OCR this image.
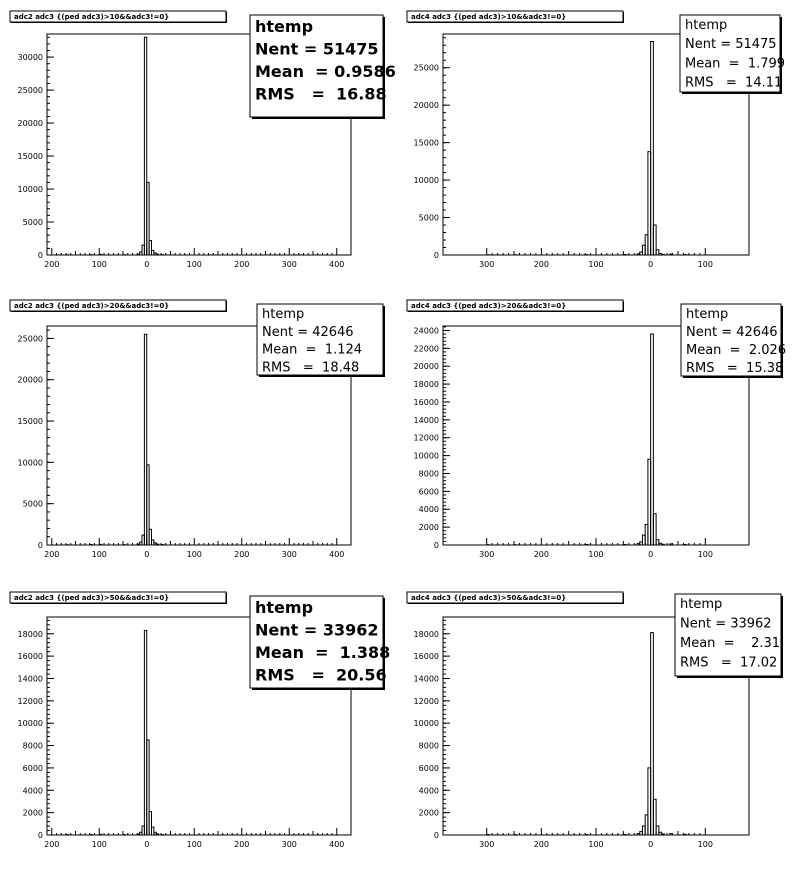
200	100	0	100	200	300	400
0
5000
10000
15000
20000
25000
30000
adc2 adc3 {(ped adc3)>10&&adc3!=0}	htemp
Nent = 51475
Mean  = 0.9586
RMS   =  16.88
300	200	100	0	100
0
5000
10000
15000
20000
25000
adc4 adc3 {(ped adc3)>10&&adc3!=0}
htemp
Nent = 51475
Mean  =  1.799
RMS   =  14.11
200	100	0	100	200	300	400
0
5000
10000
15000
20000
25000
adc2 adc3 {(ped adc3)>20&&adc3!=0}
htemp
Nent = 42646
Mean  =  1.124
RMS   =  18.48
300	200	100	0	100
0
2000
4000
6000
8000
10000
12000
14000
16000
18000
20000
22000
24000
adc4 adc3 {(ped adc3)>20&&adc3!=0}
htemp
Nent = 42646
Mean  =  2.026
RMS   =  15.38
200	100	0	100	200	300	400
0
2000
4000
6000
8000
10000
12000
14000
16000
18000
adc2 adc3 {(ped adc3)>50&&adc3!=0}	htemp
Nent = 33962
Mean  =  1.388
RMS   =  20.56
300	200	100	0	100
0
2000
4000
6000
8000
10000
12000
14000
16000
18000
adc4 adc3 {(ped adc3)>50&&adc3!=0}	htemp
Nent = 33962
Mean  =    2.31
RMS   =  17.02
